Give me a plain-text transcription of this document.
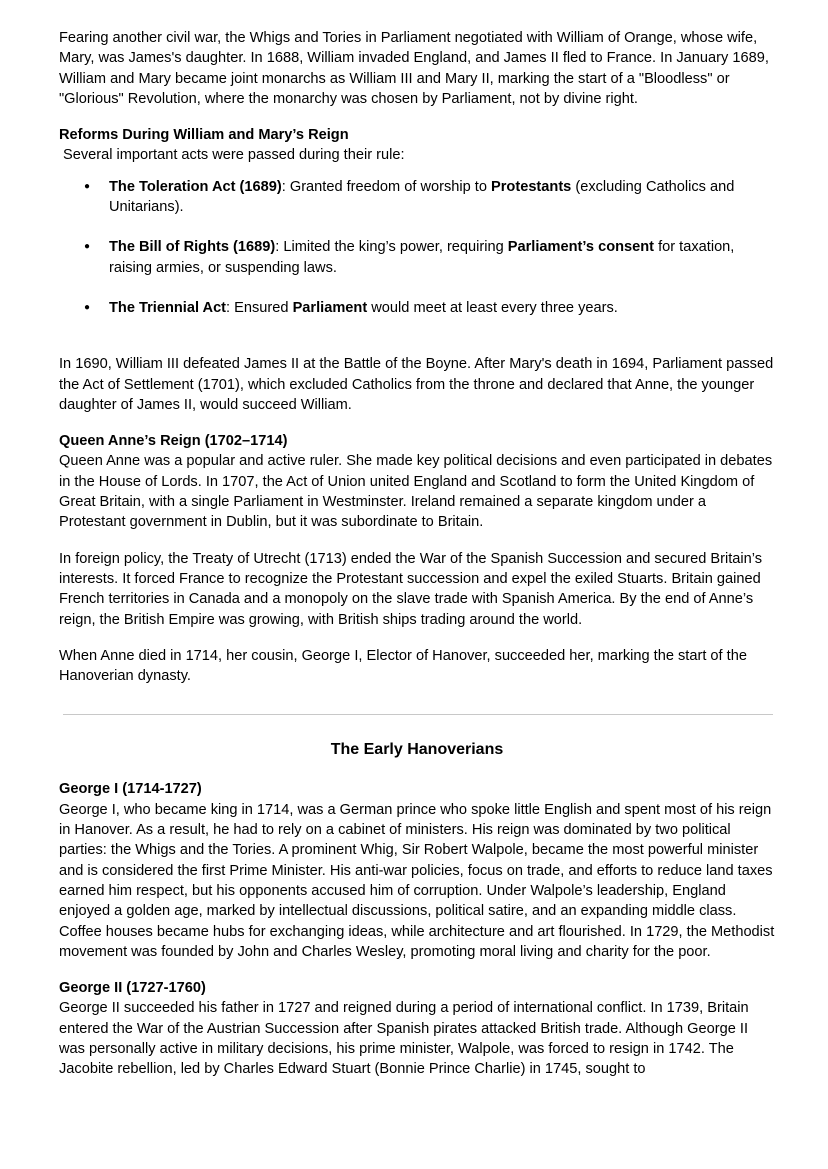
Fearing another civil war, the Whigs and Tories in Parliament negotiated with William of Orange, whose wife, Mary, was James's daughter. In 1688, William invaded England, and James II fled to France. In January 1689, William and Mary became joint monarchs as William III and Mary II, marking the start of a "Bloodless" or "Glorious" Revolution, where the monarchy was chosen by Parliament, not by divine right.

Reforms During William and Mary’s Reign

Several important acts were passed during their rule:

● The Toleration Act (1689): Granted freedom of worship to Protestants (excluding Catholics and Unitarians).
● The Bill of Rights (1689): Limited the king’s power, requiring Parliament’s consent for taxation, raising armies, or suspending laws.
● The Triennial Act: Ensured Parliament would meet at least every three years.

In 1690, William III defeated James II at the Battle of the Boyne. After Mary's death in 1694, Parliament passed the Act of Settlement (1701), which excluded Catholics from the throne and declared that Anne, the younger daughter of James II, would succeed William.

Queen Anne’s Reign (1702–1714)

Queen Anne was a popular and active ruler. She made key political decisions and even participated in debates in the House of Lords. In 1707, the Act of Union united England and Scotland to form the United Kingdom of Great Britain, with a single Parliament in Westminster. Ireland remained a separate kingdom under a Protestant government in Dublin, but it was subordinate to Britain.

In foreign policy, the Treaty of Utrecht (1713) ended the War of the Spanish Succession and secured Britain’s interests. It forced France to recognize the Protestant succession and expel the exiled Stuarts. Britain gained French territories in Canada and a monopoly on the slave trade with Spanish America. By the end of Anne’s reign, the British Empire was growing, with British ships trading around the world.

When Anne died in 1714, her cousin, George I, Elector of Hanover, succeeded her, marking the start of the Hanoverian dynasty.

The Early Hanoverians
George I (1714-1727)

George I, who became king in 1714, was a German prince who spoke little English and spent most of his reign in Hanover. As a result, he had to rely on a cabinet of ministers. His reign was dominated by two political parties: the Whigs and the Tories. A prominent Whig, Sir Robert Walpole, became the most powerful minister and is considered the first Prime Minister. His anti-war policies, focus on trade, and efforts to reduce land taxes earned him respect, but his opponents accused him of corruption. Under Walpole’s leadership, England enjoyed a golden age, marked by intellectual discussions, political satire, and an expanding middle class. Coffee houses became hubs for exchanging ideas, while architecture and art flourished. In 1729, the Methodist movement was founded by John and Charles Wesley, promoting moral living and charity for the poor.

George II (1727-1760)

George II succeeded his father in 1727 and reigned during a period of international conflict. In 1739, Britain entered the War of the Austrian Succession after Spanish pirates attacked British trade. Although George II was personally active in military decisions, his prime minister, Walpole, was forced to resign in 1742. The Jacobite rebellion, led by Charles Edward Stuart (Bonnie Prince Charlie) in 1745, sought to
